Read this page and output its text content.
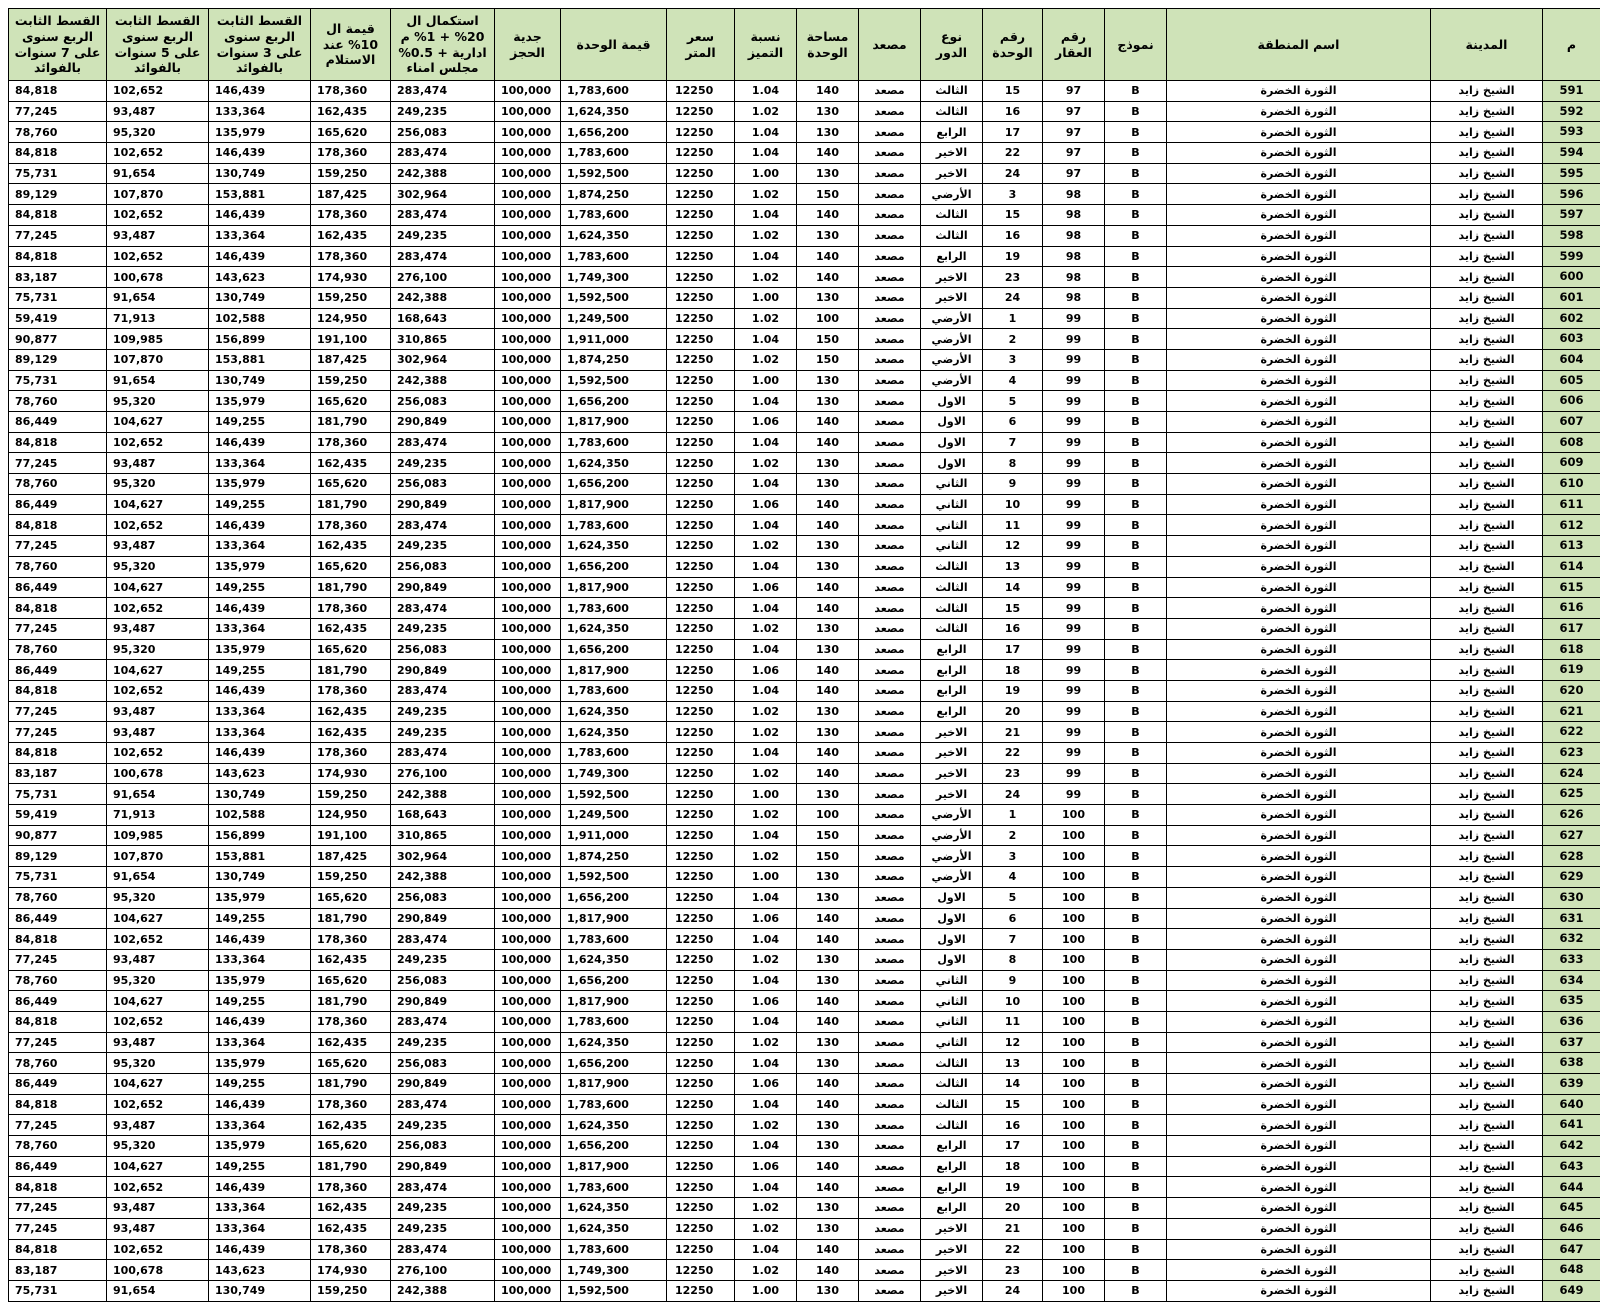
م	المدينة	اسم المنطقة	نموذج	رقم العقار	رقم الوحدة	نوع الدور	مصعد	مساحة الوحدة	نسبة التميز	سعر المتر	قيمة الوحدة	جدية الحجز	استكمال ال 20% + 1% م ادارية + 0.5% مجلس امناء	قيمة ال 10% عند الاستلام	القسط الثابت الربع سنوى على 3 سنوات بالفوائد	القسط الثابت الربع سنوى على 5 سنوات بالفوائد	القسط الثابت الربع سنوى على 7 سنوات بالفوائد
591	الشيخ زايد	الثورة الخضرة	B	97	15	الثالث	مصعد	140	1.04	12250	1,783,600	100,000	283,474	178,360	146,439	102,652	84,818
592	الشيخ زايد	الثورة الخضرة	B	97	16	الثالث	مصعد	130	1.02	12250	1,624,350	100,000	249,235	162,435	133,364	93,487	77,245
593	الشيخ زايد	الثورة الخضرة	B	97	17	الرابع	مصعد	130	1.04	12250	1,656,200	100,000	256,083	165,620	135,979	95,320	78,760
594	الشيخ زايد	الثورة الخضرة	B	97	22	الاخير	مصعد	140	1.04	12250	1,783,600	100,000	283,474	178,360	146,439	102,652	84,818
595	الشيخ زايد	الثورة الخضرة	B	97	24	الاخير	مصعد	130	1.00	12250	1,592,500	100,000	242,388	159,250	130,749	91,654	75,731
596	الشيخ زايد	الثورة الخضرة	B	98	3	الأرضي	مصعد	150	1.02	12250	1,874,250	100,000	302,964	187,425	153,881	107,870	89,129
597	الشيخ زايد	الثورة الخضرة	B	98	15	الثالث	مصعد	140	1.04	12250	1,783,600	100,000	283,474	178,360	146,439	102,652	84,818
598	الشيخ زايد	الثورة الخضرة	B	98	16	الثالث	مصعد	130	1.02	12250	1,624,350	100,000	249,235	162,435	133,364	93,487	77,245
599	الشيخ زايد	الثورة الخضرة	B	98	19	الرابع	مصعد	140	1.04	12250	1,783,600	100,000	283,474	178,360	146,439	102,652	84,818
600	الشيخ زايد	الثورة الخضرة	B	98	23	الاخير	مصعد	140	1.02	12250	1,749,300	100,000	276,100	174,930	143,623	100,678	83,187
601	الشيخ زايد	الثورة الخضرة	B	98	24	الاخير	مصعد	130	1.00	12250	1,592,500	100,000	242,388	159,250	130,749	91,654	75,731
602	الشيخ زايد	الثورة الخضرة	B	99	1	الأرضي	مصعد	100	1.02	12250	1,249,500	100,000	168,643	124,950	102,588	71,913	59,419
603	الشيخ زايد	الثورة الخضرة	B	99	2	الأرضي	مصعد	150	1.04	12250	1,911,000	100,000	310,865	191,100	156,899	109,985	90,877
604	الشيخ زايد	الثورة الخضرة	B	99	3	الأرضي	مصعد	150	1.02	12250	1,874,250	100,000	302,964	187,425	153,881	107,870	89,129
605	الشيخ زايد	الثورة الخضرة	B	99	4	الأرضي	مصعد	130	1.00	12250	1,592,500	100,000	242,388	159,250	130,749	91,654	75,731
606	الشيخ زايد	الثورة الخضرة	B	99	5	الاول	مصعد	130	1.04	12250	1,656,200	100,000	256,083	165,620	135,979	95,320	78,760
607	الشيخ زايد	الثورة الخضرة	B	99	6	الاول	مصعد	140	1.06	12250	1,817,900	100,000	290,849	181,790	149,255	104,627	86,449
608	الشيخ زايد	الثورة الخضرة	B	99	7	الاول	مصعد	140	1.04	12250	1,783,600	100,000	283,474	178,360	146,439	102,652	84,818
609	الشيخ زايد	الثورة الخضرة	B	99	8	الاول	مصعد	130	1.02	12250	1,624,350	100,000	249,235	162,435	133,364	93,487	77,245
610	الشيخ زايد	الثورة الخضرة	B	99	9	الثاني	مصعد	130	1.04	12250	1,656,200	100,000	256,083	165,620	135,979	95,320	78,760
611	الشيخ زايد	الثورة الخضرة	B	99	10	الثاني	مصعد	140	1.06	12250	1,817,900	100,000	290,849	181,790	149,255	104,627	86,449
612	الشيخ زايد	الثورة الخضرة	B	99	11	الثاني	مصعد	140	1.04	12250	1,783,600	100,000	283,474	178,360	146,439	102,652	84,818
613	الشيخ زايد	الثورة الخضرة	B	99	12	الثاني	مصعد	130	1.02	12250	1,624,350	100,000	249,235	162,435	133,364	93,487	77,245
614	الشيخ زايد	الثورة الخضرة	B	99	13	الثالث	مصعد	130	1.04	12250	1,656,200	100,000	256,083	165,620	135,979	95,320	78,760
615	الشيخ زايد	الثورة الخضرة	B	99	14	الثالث	مصعد	140	1.06	12250	1,817,900	100,000	290,849	181,790	149,255	104,627	86,449
616	الشيخ زايد	الثورة الخضرة	B	99	15	الثالث	مصعد	140	1.04	12250	1,783,600	100,000	283,474	178,360	146,439	102,652	84,818
617	الشيخ زايد	الثورة الخضرة	B	99	16	الثالث	مصعد	130	1.02	12250	1,624,350	100,000	249,235	162,435	133,364	93,487	77,245
618	الشيخ زايد	الثورة الخضرة	B	99	17	الرابع	مصعد	130	1.04	12250	1,656,200	100,000	256,083	165,620	135,979	95,320	78,760
619	الشيخ زايد	الثورة الخضرة	B	99	18	الرابع	مصعد	140	1.06	12250	1,817,900	100,000	290,849	181,790	149,255	104,627	86,449
620	الشيخ زايد	الثورة الخضرة	B	99	19	الرابع	مصعد	140	1.04	12250	1,783,600	100,000	283,474	178,360	146,439	102,652	84,818
621	الشيخ زايد	الثورة الخضرة	B	99	20	الرابع	مصعد	130	1.02	12250	1,624,350	100,000	249,235	162,435	133,364	93,487	77,245
622	الشيخ زايد	الثورة الخضرة	B	99	21	الاخير	مصعد	130	1.02	12250	1,624,350	100,000	249,235	162,435	133,364	93,487	77,245
623	الشيخ زايد	الثورة الخضرة	B	99	22	الاخير	مصعد	140	1.04	12250	1,783,600	100,000	283,474	178,360	146,439	102,652	84,818
624	الشيخ زايد	الثورة الخضرة	B	99	23	الاخير	مصعد	140	1.02	12250	1,749,300	100,000	276,100	174,930	143,623	100,678	83,187
625	الشيخ زايد	الثورة الخضرة	B	99	24	الاخير	مصعد	130	1.00	12250	1,592,500	100,000	242,388	159,250	130,749	91,654	75,731
626	الشيخ زايد	الثورة الخضرة	B	100	1	الأرضي	مصعد	100	1.02	12250	1,249,500	100,000	168,643	124,950	102,588	71,913	59,419
627	الشيخ زايد	الثورة الخضرة	B	100	2	الأرضي	مصعد	150	1.04	12250	1,911,000	100,000	310,865	191,100	156,899	109,985	90,877
628	الشيخ زايد	الثورة الخضرة	B	100	3	الأرضي	مصعد	150	1.02	12250	1,874,250	100,000	302,964	187,425	153,881	107,870	89,129
629	الشيخ زايد	الثورة الخضرة	B	100	4	الأرضي	مصعد	130	1.00	12250	1,592,500	100,000	242,388	159,250	130,749	91,654	75,731
630	الشيخ زايد	الثورة الخضرة	B	100	5	الاول	مصعد	130	1.04	12250	1,656,200	100,000	256,083	165,620	135,979	95,320	78,760
631	الشيخ زايد	الثورة الخضرة	B	100	6	الاول	مصعد	140	1.06	12250	1,817,900	100,000	290,849	181,790	149,255	104,627	86,449
632	الشيخ زايد	الثورة الخضرة	B	100	7	الاول	مصعد	140	1.04	12250	1,783,600	100,000	283,474	178,360	146,439	102,652	84,818
633	الشيخ زايد	الثورة الخضرة	B	100	8	الاول	مصعد	130	1.02	12250	1,624,350	100,000	249,235	162,435	133,364	93,487	77,245
634	الشيخ زايد	الثورة الخضرة	B	100	9	الثاني	مصعد	130	1.04	12250	1,656,200	100,000	256,083	165,620	135,979	95,320	78,760
635	الشيخ زايد	الثورة الخضرة	B	100	10	الثاني	مصعد	140	1.06	12250	1,817,900	100,000	290,849	181,790	149,255	104,627	86,449
636	الشيخ زايد	الثورة الخضرة	B	100	11	الثاني	مصعد	140	1.04	12250	1,783,600	100,000	283,474	178,360	146,439	102,652	84,818
637	الشيخ زايد	الثورة الخضرة	B	100	12	الثاني	مصعد	130	1.02	12250	1,624,350	100,000	249,235	162,435	133,364	93,487	77,245
638	الشيخ زايد	الثورة الخضرة	B	100	13	الثالث	مصعد	130	1.04	12250	1,656,200	100,000	256,083	165,620	135,979	95,320	78,760
639	الشيخ زايد	الثورة الخضرة	B	100	14	الثالث	مصعد	140	1.06	12250	1,817,900	100,000	290,849	181,790	149,255	104,627	86,449
640	الشيخ زايد	الثورة الخضرة	B	100	15	الثالث	مصعد	140	1.04	12250	1,783,600	100,000	283,474	178,360	146,439	102,652	84,818
641	الشيخ زايد	الثورة الخضرة	B	100	16	الثالث	مصعد	130	1.02	12250	1,624,350	100,000	249,235	162,435	133,364	93,487	77,245
642	الشيخ زايد	الثورة الخضرة	B	100	17	الرابع	مصعد	130	1.04	12250	1,656,200	100,000	256,083	165,620	135,979	95,320	78,760
643	الشيخ زايد	الثورة الخضرة	B	100	18	الرابع	مصعد	140	1.06	12250	1,817,900	100,000	290,849	181,790	149,255	104,627	86,449
644	الشيخ زايد	الثورة الخضرة	B	100	19	الرابع	مصعد	140	1.04	12250	1,783,600	100,000	283,474	178,360	146,439	102,652	84,818
645	الشيخ زايد	الثورة الخضرة	B	100	20	الرابع	مصعد	130	1.02	12250	1,624,350	100,000	249,235	162,435	133,364	93,487	77,245
646	الشيخ زايد	الثورة الخضرة	B	100	21	الاخير	مصعد	130	1.02	12250	1,624,350	100,000	249,235	162,435	133,364	93,487	77,245
647	الشيخ زايد	الثورة الخضرة	B	100	22	الاخير	مصعد	140	1.04	12250	1,783,600	100,000	283,474	178,360	146,439	102,652	84,818
648	الشيخ زايد	الثورة الخضرة	B	100	23	الاخير	مصعد	140	1.02	12250	1,749,300	100,000	276,100	174,930	143,623	100,678	83,187
649	الشيخ زايد	الثورة الخضرة	B	100	24	الاخير	مصعد	130	1.00	12250	1,592,500	100,000	242,388	159,250	130,749	91,654	75,731
